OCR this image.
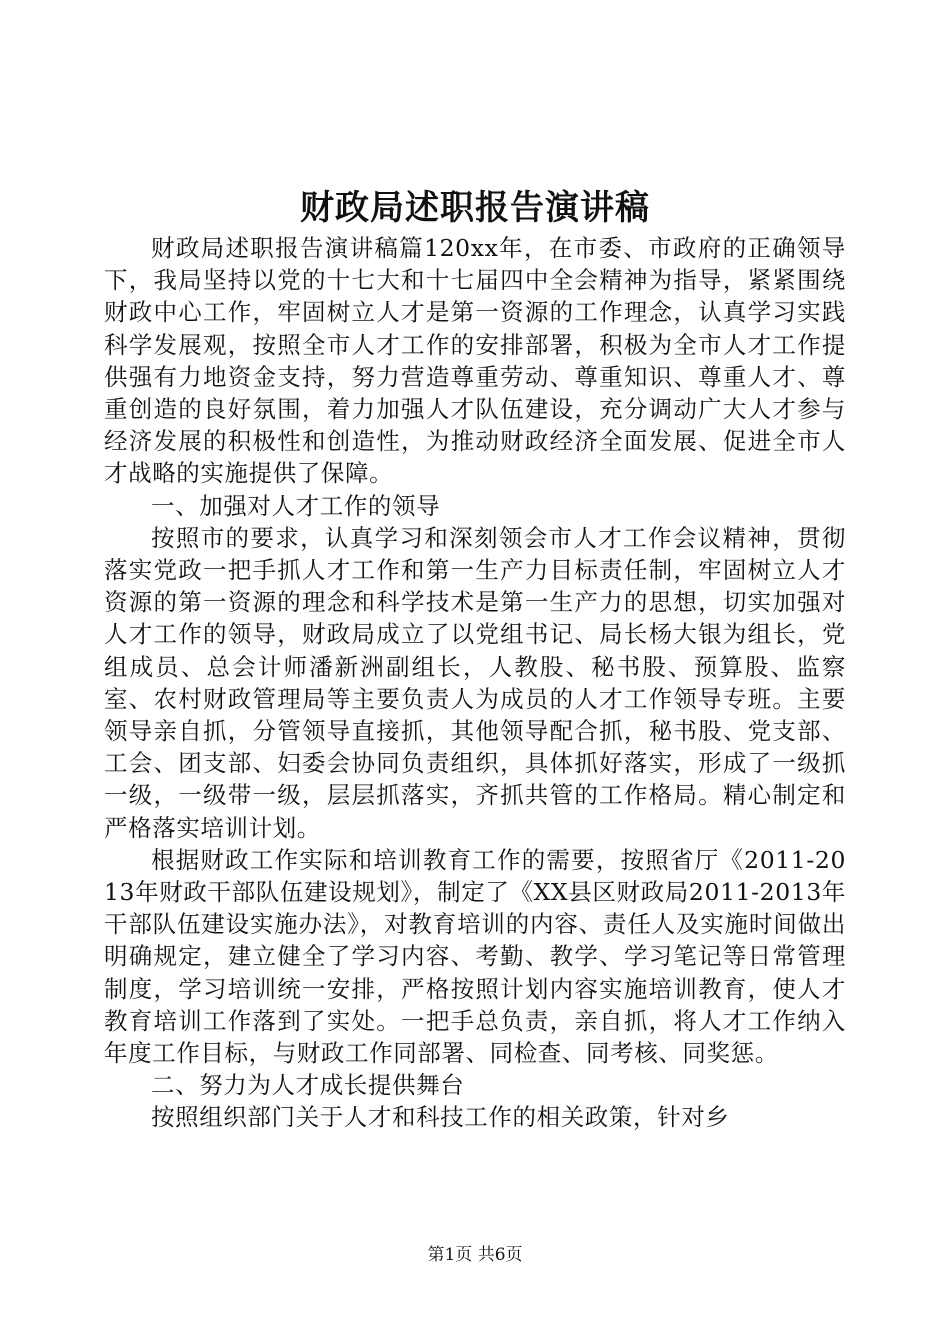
财政局述职报告演讲稿

财政局述职报告演讲稿篇120xx年，在市委、市政府的正确领导下，我局坚持以党的十七大和十七届四中全会精神为指导，紧紧围绕财政中心工作，牢固树立人才是第一资源的工作理念，认真学习实践科学发展观，按照全市人才工作的安排部署，积极为全市人才工作提供强有力地资金支持，努力营造尊重劳动、尊重知识、尊重人才、尊重创造的良好氛围，着力加强人才队伍建设，充分调动广大人才参与经济发展的积极性和创造性，为推动财政经济全面发展、促进全市人才战略的实施提供了保障。

一、加强对人才工作的领导

按照市的要求，认真学习和深刻领会市人才工作会议精神，贯彻落实党政一把手抓人才工作和第一生产力目标责任制，牢固树立人才资源的第一资源的理念和科学技术是第一生产力的思想，切实加强对人才工作的领导，财政局成立了以党组书记、局长杨大银为组长，党组成员、总会计师潘新洲副组长，人教股、秘书股、预算股、监察室、农村财政管理局等主要负责人为成员的人才工作领导专班。主要领导亲自抓，分管领导直接抓，其他领导配合抓，秘书股、党支部、工会、团支部、妇委会协同负责组织，具体抓好落实，形成了一级抓一级，一级带一级，层层抓落实，齐抓共管的工作格局。精心制定和严格落实培训计划。

根据财政工作实际和培训教育工作的需要，按照省厅《2011-2013年财政干部队伍建设规划》，制定了《XX县区财政局2011-2013年干部队伍建设实施办法》，对教育培训的内容、责任人及实施时间做出明确规定，建立健全了学习内容、考勤、教学、学习笔记等日常管理制度，学习培训统一安排，严格按照计划内容实施培训教育，使人才教育培训工作落到了实处。一把手总负责，亲自抓，将人才工作纳入年度工作目标，与财政工作同部署、同检查、同考核、同奖惩。

二、努力为人才成长提供舞台

按照组织部门关于人才和科技工作的相关政策，针对乡

第1页 共6页
